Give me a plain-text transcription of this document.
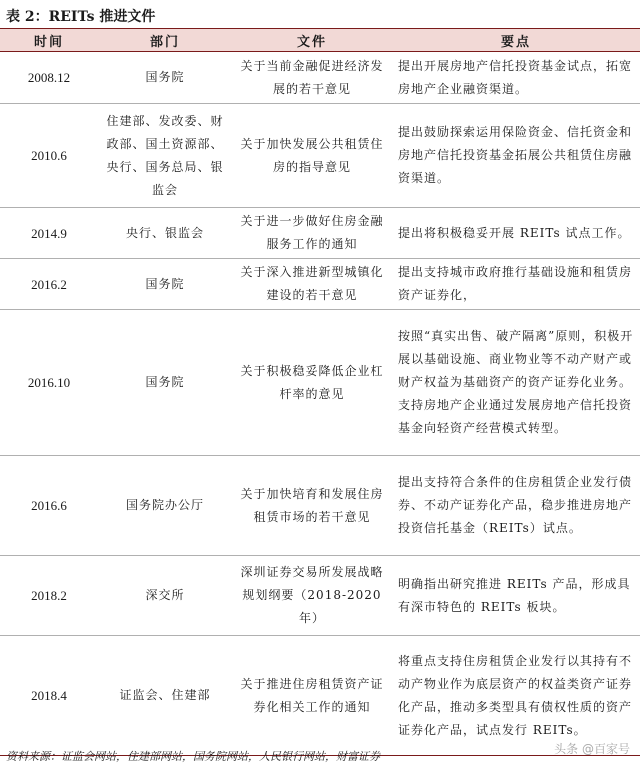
表 2：REITs 推进文件
时间	部门	文件	要点
2008.12	国务院	关于当前金融促进经济发展的若干意见	提出开展房地产信托投资基金试点，拓宽房地产企业融资渠道。
2010.6	住建部、发改委、财政部、国土资源部、央行、国务总局、银监会	关于加快发展公共租赁住房的指导意见	提出鼓励探索运用保险资金、信托资金和房地产信托投资基金拓展公共租赁住房融资渠道。
2014.9	央行、银监会	关于进一步做好住房金融服务工作的通知	提出将积极稳妥开展 REITs 试点工作。
2016.2	国务院	关于深入推进新型城镇化建设的若干意见	提出支持城市政府推行基础设施和租赁房资产证券化，
2016.10	国务院	关于积极稳妥降低企业杠杆率的意见	按照“真实出售、破产隔离”原则，积极开展以基础设施、商业物业等不动产财产或财产权益为基础资产的资产证券化业务。支持房地产企业通过发展房地产信托投资基金向轻资产经营模式转型。
2016.6	国务院办公厅	关于加快培育和发展住房租赁市场的若干意见	提出支持符合条件的住房租赁企业发行债券、不动产证券化产品，稳步推进房地产投资信托基金（REITs）试点。
2018.2	深交所	深圳证券交易所发展战略规划纲要（2018-2020 年）	明确指出研究推进 REITs 产品，形成具有深市特色的 REITs 板块。
2018.4	证监会、住建部	关于推进住房租赁资产证券化相关工作的通知	将重点支持住房租赁企业发行以其持有不动产物业作为底层资产的权益类资产证券化产品，推动多类型具有债权性质的资产证券化产品，试点发行 REITs。
资料来源：证监会网站，住建部网站，国务院网站，人民银行网站，财富证券
头条 @百家号
